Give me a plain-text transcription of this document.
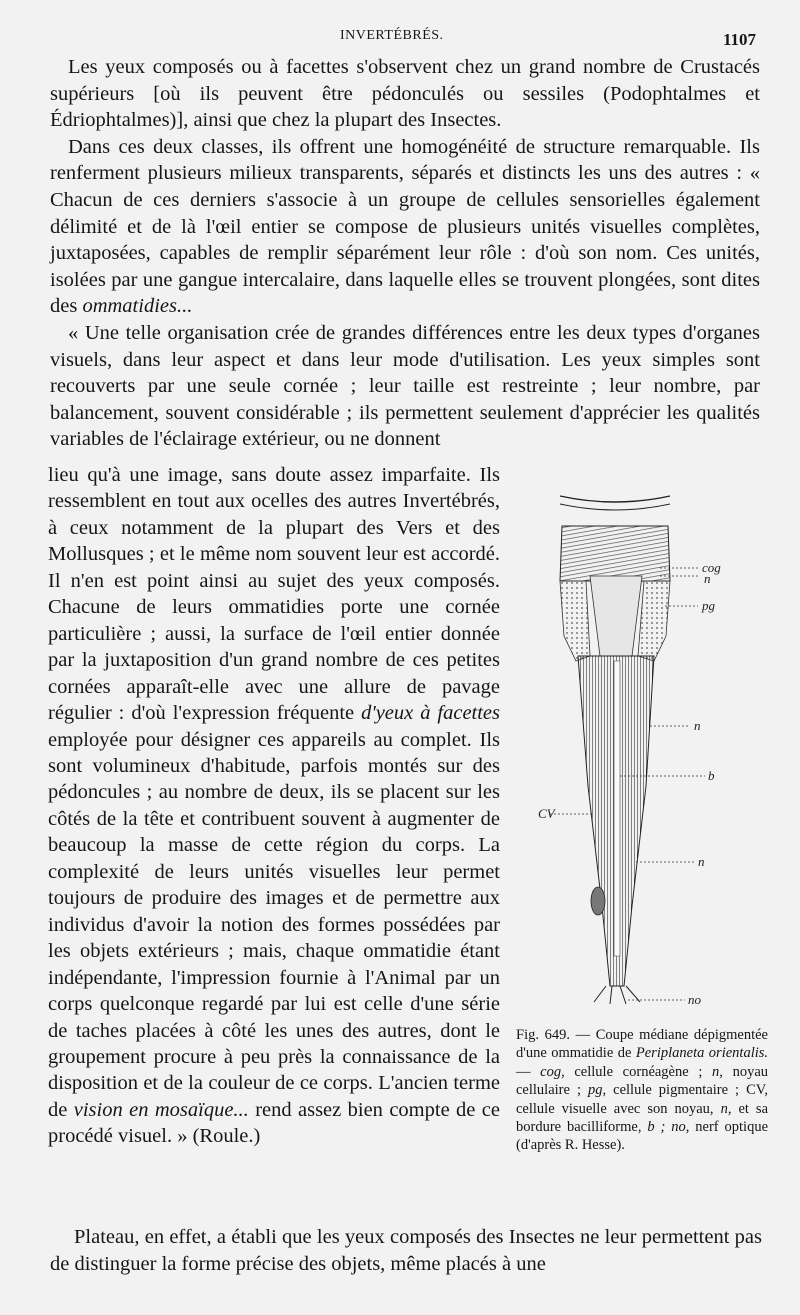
INVERTÉBRÉS.	1107

Les yeux composés ou à facettes s'observent chez un grand nombre de Crustacés supérieurs [où ils peuvent être pédonculés ou sessiles (Podophtalmes et Édriophtalmes)], ainsi que chez la plupart des Insectes.

Dans ces deux classes, ils offrent une homogénéité de structure remarquable. Ils renferment plusieurs milieux transparents, séparés et distincts les uns des autres : « Chacun de ces derniers s'associe à un groupe de cellules sensorielles également délimité et de là l'œil entier se compose de plusieurs unités visuelles complètes, juxtaposées, capables de remplir séparément leur rôle : d'où son nom. Ces unités, isolées par une gangue intercalaire, dans laquelle elles se trouvent plongées, sont dites des ommatidies...

« Une telle organisation crée de grandes différences entre les deux types d'organes visuels, dans leur aspect et dans leur mode d'utilisation. Les yeux simples sont recouverts par une seule cornée ; leur taille est restreinte ; leur nombre, par balancement, souvent considérable ; ils permettent seulement d'apprécier les qualités variables de l'éclairage extérieur, ou ne donnent

lieu qu'à une image, sans doute assez imparfaite. Ils ressemblent en tout aux ocelles des autres Invertébrés, à ceux notamment de la plupart des Vers et des Mollusques ; et le même nom souvent leur est accordé. Il n'en est point ainsi au sujet des yeux composés. Chacune de leurs ommatidies porte une cornée particulière ; aussi, la surface de l'œil entier donnée par la juxtaposition d'un grand nombre de ces petites cornées apparaît-elle avec une allure de pavage régulier : d'où l'expression fréquente d'yeux à facettes employée pour désigner ces appareils au complet. Ils sont volumineux d'habitude, parfois montés sur des pédoncules ; au nombre de deux, ils se placent sur les côtés de la tête et contribuent souvent à augmenter de beaucoup la masse de cette région du corps. La complexité de leurs unités visuelles leur permet toujours de produire des images et de permettre aux individus d'avoir la notion des formes possédées par les objets extérieurs ; mais, chaque ommatidie étant indépendante, l'impression fournie à l'Animal par un corps quelconque regardé par lui est celle d'une série de taches placées à côté les unes des autres, dont le groupement procure à peu près la connaissance de la disposition et de la couleur de ce corps. L'ancien terme de vision en mosaïque... rend assez bien compte de ce procédé visuel. » (Roule.)

cog
n
pg
n
b
CV
n
no
Fig. 649. — Coupe médiane dépigmentée d'une ommatidie de Periplaneta orientalis. — cog, cellule cornéagène ; n, noyau cellulaire ; pg, cellule pigmentaire ; CV, cellule visuelle avec son noyau, n, et sa bordure bacilliforme, b ; no, nerf optique (d'après R. Hesse).

Plateau, en effet, a établi que les yeux composés des Insectes ne leur permettent pas de distinguer la forme précise des objets, même placés à une
